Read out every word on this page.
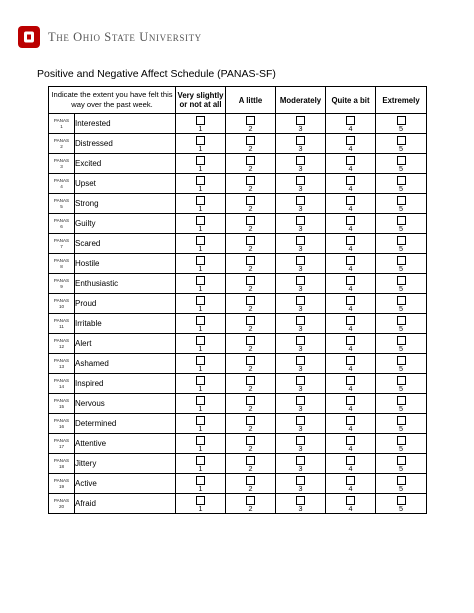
The Ohio State University
Positive and Negative Affect Schedule (PANAS-SF)
Indicate the extent you have felt this way over the past week.		Very slightly or not at all	A little	Moderately	Quite a bit	Extremely

PANAS
1	Interested	1	2	3	4	5

PANAS
2	Distressed	1	2	3	4	5

PANAS
3	Excited	1	2	3	4	5

PANAS
4	Upset	1	2	3	4	5

PANAS
5	Strong	1	2	3	4	5

PANAS
6	Guilty	1	2	3	4	5

PANAS
7	Scared	1	2	3	4	5

PANAS
8	Hostile	1	2	3	4	5

PANAS
9	Enthusiastic	1	2	3	4	5

PANAS
10	Proud	1	2	3	4	5

PANAS
11	Irritable	1	2	3	4	5

PANAS
12	Alert	1	2	3	4	5

PANAS
13	Ashamed	1	2	3	4	5

PANAS
14	Inspired	1	2	3	4	5

PANAS
15	Nervous	1	2	3	4	5

PANAS
16	Determined	1	2	3	4	5

PANAS
17	Attentive	1	2	3	4	5

PANAS
18	Jittery	1	2	3	4	5

PANAS
19	Active	1	2	3	4	5

PANAS
20	Afraid	1	2	3	4	5
